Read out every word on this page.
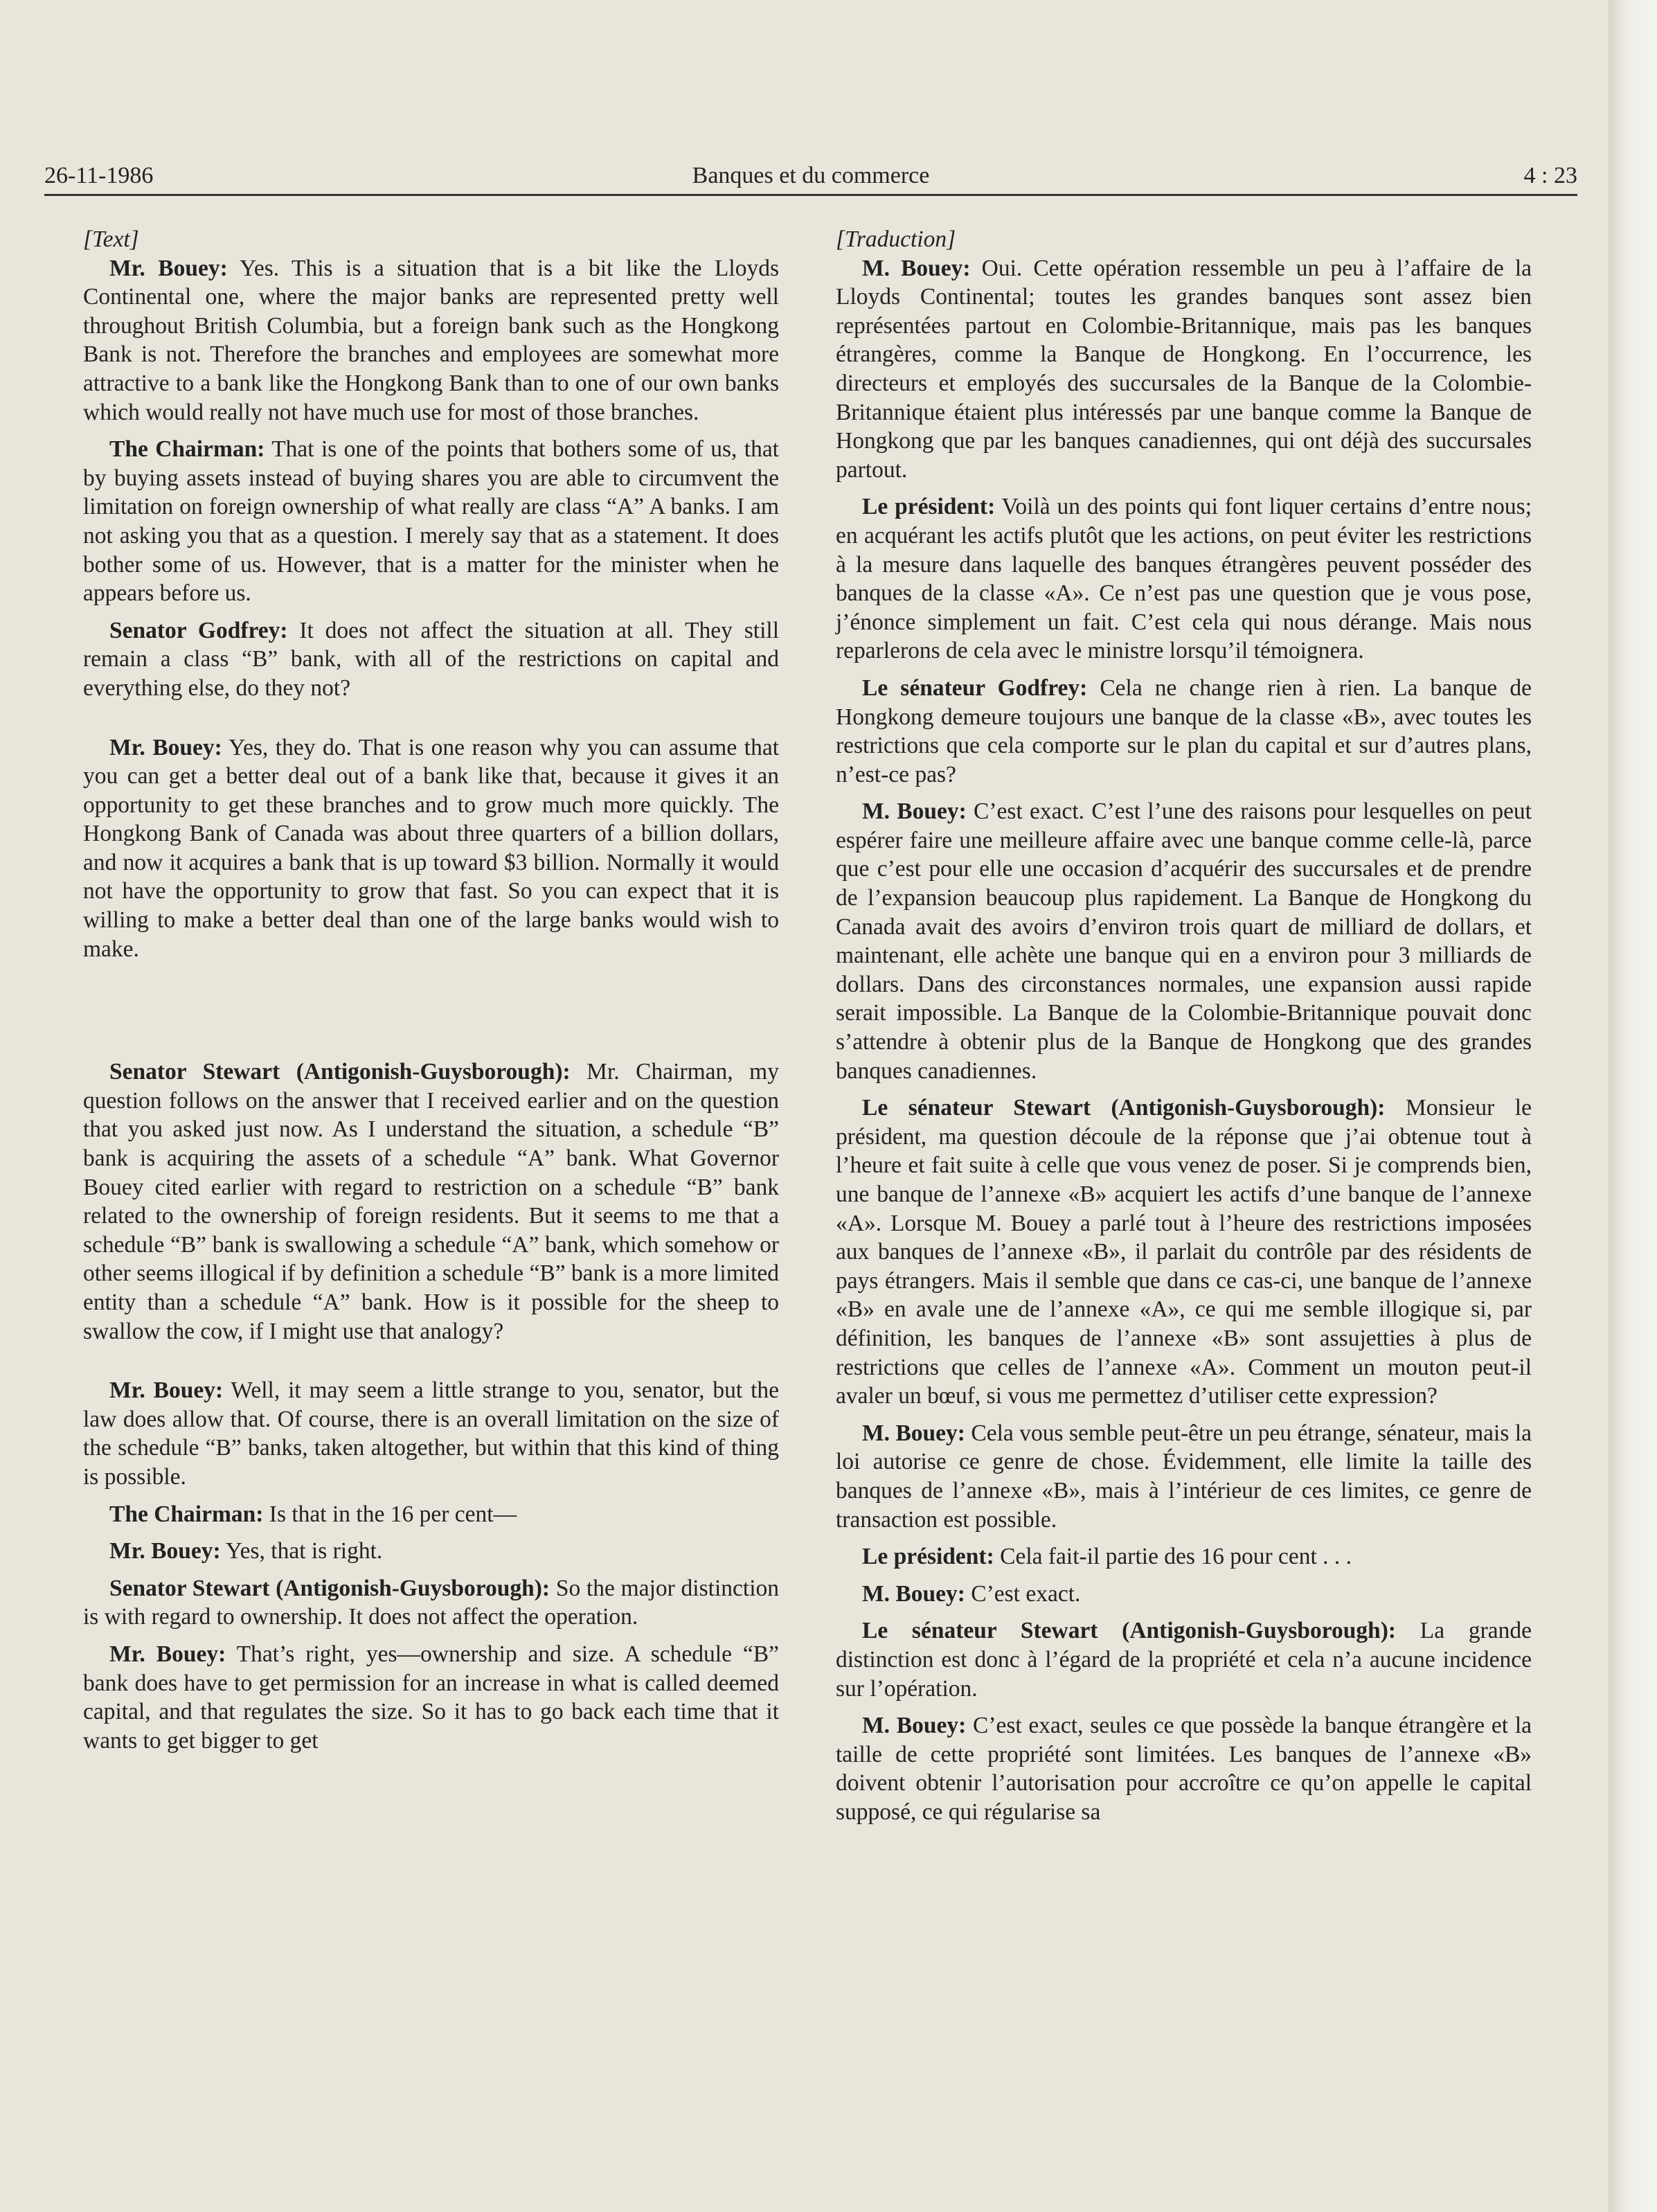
26-11-1986	Banques et du commerce	4 : 23

[Text]

Mr. Bouey: Yes. This is a situation that is a bit like the Lloyds Continental one, where the major banks are represented pretty well throughout British Columbia, but a foreign bank such as the Hongkong Bank is not. Therefore the branches and employees are somewhat more attractive to a bank like the Hongkong Bank than to one of our own banks which would really not have much use for most of those branches.

The Chairman: That is one of the points that bothers some of us, that by buying assets instead of buying shares you are able to circumvent the limitation on foreign ownership of what really are class “A” A banks. I am not asking you that as a question. I merely say that as a statement. It does bother some of us. However, that is a matter for the minister when he appears before us.

Senator Godfrey: It does not affect the situation at all. They still remain a class “B” bank, with all of the restrictions on capital and everything else, do they not?

Mr. Bouey: Yes, they do. That is one reason why you can assume that you can get a better deal out of a bank like that, because it gives it an opportunity to get these branches and to grow much more quickly. The Hongkong Bank of Canada was about three quarters of a billion dollars, and now it acquires a bank that is up toward $3 billion. Normally it would not have the opportunity to grow that fast. So you can expect that it is willing to make a better deal than one of the large banks would wish to make.

Senator Stewart (Antigonish-Guysborough): Mr. Chairman, my question follows on the answer that I received earlier and on the question that you asked just now. As I understand the situation, a schedule “B” bank is acquiring the assets of a schedule “A” bank. What Governor Bouey cited earlier with regard to restriction on a schedule “B” bank related to the ownership of foreign residents. But it seems to me that a schedule “B” bank is swallowing a schedule “A” bank, which somehow or other seems illogical if by definition a schedule “B” bank is a more limited entity than a schedule “A” bank. How is it possible for the sheep to swallow the cow, if I might use that analogy?

Mr. Bouey: Well, it may seem a little strange to you, senator, but the law does allow that. Of course, there is an overall limitation on the size of the schedule “B” banks, taken altogether, but within that this kind of thing is possible.

The Chairman: Is that in the 16 per cent—

Mr. Bouey: Yes, that is right.

Senator Stewart (Antigonish-Guysborough): So the major distinction is with regard to ownership. It does not affect the operation.

Mr. Bouey: That’s right, yes—ownership and size. A schedule “B” bank does have to get permission for an increase in what is called deemed capital, and that regulates the size. So it has to go back each time that it wants to get bigger to get

[Traduction]

M. Bouey: Oui. Cette opération ressemble un peu à l’affaire de la Lloyds Continental; toutes les grandes banques sont assez bien représentées partout en Colombie-Britannique, mais pas les banques étrangères, comme la Banque de Hongkong. En l’occurrence, les directeurs et employés des succursales de la Banque de la Colombie-Britannique étaient plus intéressés par une banque comme la Banque de Hongkong que par les banques canadiennes, qui ont déjà des succursales partout.

Le président: Voilà un des points qui font liquer certains d’entre nous; en acquérant les actifs plutôt que les actions, on peut éviter les restrictions à la mesure dans laquelle des banques étrangères peuvent posséder des banques de la classe «A». Ce n’est pas une question que je vous pose, j’énonce simplement un fait. C’est cela qui nous dérange. Mais nous reparlerons de cela avec le ministre lorsqu’il témoignera.

Le sénateur Godfrey: Cela ne change rien à rien. La banque de Hongkong demeure toujours une banque de la classe «B», avec toutes les restrictions que cela comporte sur le plan du capital et sur d’autres plans, n’est-ce pas?

M. Bouey: C’est exact. C’est l’une des raisons pour lesquelles on peut espérer faire une meilleure affaire avec une banque comme celle-là, parce que c’est pour elle une occasion d’acquérir des succursales et de prendre de l’expansion beaucoup plus rapidement. La Banque de Hongkong du Canada avait des avoirs d’environ trois quart de milliard de dollars, et maintenant, elle achète une banque qui en a environ pour 3 milliards de dollars. Dans des circonstances normales, une expansion aussi rapide serait impossible. La Banque de la Colombie-Britannique pouvait donc s’attendre à obtenir plus de la Banque de Hongkong que des grandes banques canadiennes.

Le sénateur Stewart (Antigonish-Guysborough): Monsieur le président, ma question découle de la réponse que j’ai obtenue tout à l’heure et fait suite à celle que vous venez de poser. Si je comprends bien, une banque de l’annexe «B» acquiert les actifs d’une banque de l’annexe «A». Lorsque M. Bouey a parlé tout à l’heure des restrictions imposées aux banques de l’annexe «B», il parlait du contrôle par des résidents de pays étrangers. Mais il semble que dans ce cas-ci, une banque de l’annexe «B» en avale une de l’annexe «A», ce qui me semble illogique si, par définition, les banques de l’annexe «B» sont assujetties à plus de restrictions que celles de l’annexe «A». Comment un mouton peut-il avaler un bœuf, si vous me permettez d’utiliser cette expression?

M. Bouey: Cela vous semble peut-être un peu étrange, sénateur, mais la loi autorise ce genre de chose. Évidemment, elle limite la taille des banques de l’annexe «B», mais à l’intérieur de ces limites, ce genre de transaction est possible.

Le président: Cela fait-il partie des 16 pour cent . . .

M. Bouey: C’est exact.

Le sénateur Stewart (Antigonish-Guysborough): La grande distinction est donc à l’égard de la propriété et cela n’a aucune incidence sur l’opération.

M. Bouey: C’est exact, seules ce que possède la banque étrangère et la taille de cette propriété sont limitées. Les banques de l’annexe «B» doivent obtenir l’autorisation pour accroître ce qu’on appelle le capital supposé, ce qui régularise sa
